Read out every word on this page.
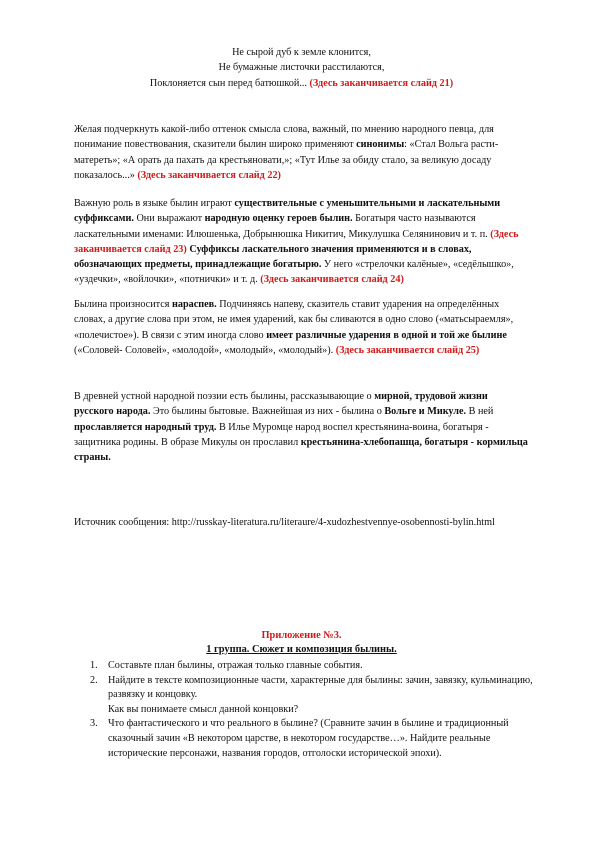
Не сырой дуб к земле клонится,
Не бумажные листочки расстилаются,
Поклоняется сын перед батюшкой... (Здесь заканчивается слайд 21)
Желая подчеркнуть какой-либо оттенок смысла слова, важный, по мнению народного певца, для понимание повествования, сказители былин широко применяют синонимы: «Стал Вольга расти-матереть»; «А орать да пахать да крестьяновати,»; «Тут Илье за обиду стало, за великую досаду показалось...» (Здесь заканчивается слайд 22)
Важную роль в языке былин играют существительные с уменьшительными и ласкательными суффиксами. Они выражают народную оценку героев былин. Богатыря часто называются ласкательными именами: Илюшенька, Добрынюшка Никитич, Микулушка Селянинович и т. п. (Здесь заканчивается слайд 23) Суффиксы ласкательного значения применяются и в словах, обозначающих предметы, принадлежащие богатырю. У него «стрелочки калёные», «седёлышко», «уздечки», «войлочки», «потнички» и т. д. (Здесь заканчивается слайд 24)
Былина произносится нараспев. Подчиняясь напеву, сказитель ставит ударения на определённых словах, а другие слова при этом, не имея ударений, как бы сливаются в одно слово («матьсыраемля», «полечистое»). В связи с этим иногда слово имеет различные ударения в одной и той же былине («Соловей- Соловей», «молодой», «молодый», «молодый»). (Здесь заканчивается слайд 25)
В древней устной народной поэзии есть былины, рассказывающие о мирной, трудовой жизни русского народа. Это былины бытовые. Важнейшая из них - былина о Вольге и Микуле. В ней прославляется народный труд. В Илье Муромце народ воспел крестьянина-воина, богатыря - защитника родины. В образе Микулы он прославил крестьянина-хлебопашца, богатыря - кормильца страны.
Источник сообщения: http://russkay-literatura.ru/literaure/4-xudozhestvennye-osobennosti-bylin.html
Приложение №3.
1 группа. Сюжет и композиция былины.
1. Составьте план былины, отражая только главные события.
2. Найдите в тексте композиционные части, характерные для былины: зачин, завязку, кульминацию, развязку и концовку.
Как вы понимаете смысл данной концовки?
3. Что фантастического и что реального в былине? (Сравните зачин в былине и традиционный сказочный зачин «В некотором царстве, в некотором государстве…». Найдите реальные исторические персонажи, названия городов, отголоски исторической эпохи).
